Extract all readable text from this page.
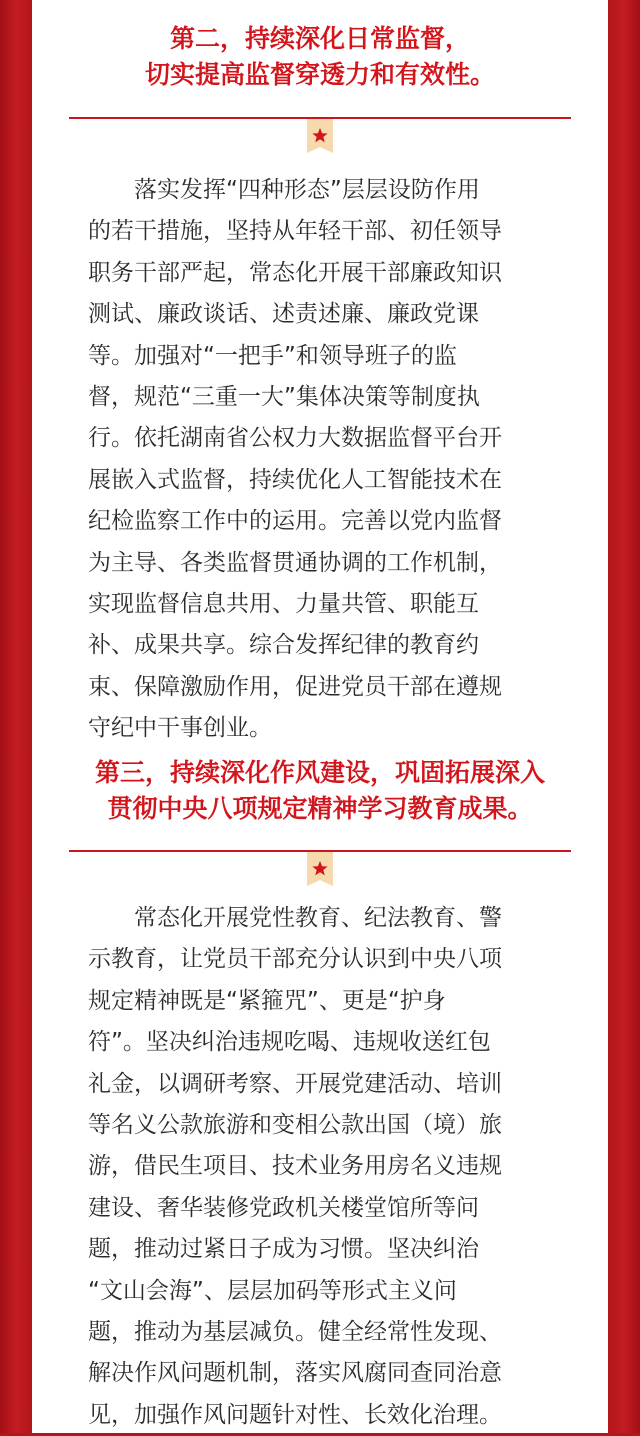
第二，持续深化日常监督，
切实提高监督穿透力和有效性。
落实发挥“四种形态”层层设防作用
的若干措施，坚持从年轻干部、初任领导
职务干部严起，常态化开展干部廉政知识
测试、廉政谈话、述责述廉、廉政党课
等。加强对“一把手”和领导班子的监
督，规范“三重一大”集体决策等制度执
行。依托湖南省公权力大数据监督平台开
展嵌入式监督，持续优化人工智能技术在
纪检监察工作中的运用。完善以党内监督
为主导、各类监督贯通协调的工作机制，
实现监督信息共用、力量共管、职能互
补、成果共享。综合发挥纪律的教育约
束、保障激励作用，促进党员干部在遵规
守纪中干事创业。
第三，持续深化作风建设，巩固拓展深入
贯彻中央八项规定精神学习教育成果。
常态化开展党性教育、纪法教育、警
示教育，让党员干部充分认识到中央八项
规定精神既是“紧箍咒”、更是“护身
符”。坚决纠治违规吃喝、违规收送红包
礼金，以调研考察、开展党建活动、培训
等名义公款旅游和变相公款出国（境）旅
游，借民生项目、技术业务用房名义违规
建设、奢华装修党政机关楼堂馆所等问
题，推动过紧日子成为习惯。坚决纠治
“文山会海”、层层加码等形式主义问
题，推动为基层减负。健全经常性发现、
解决作风问题机制，落实风腐同查同治意
见，加强作风问题针对性、长效化治理。
